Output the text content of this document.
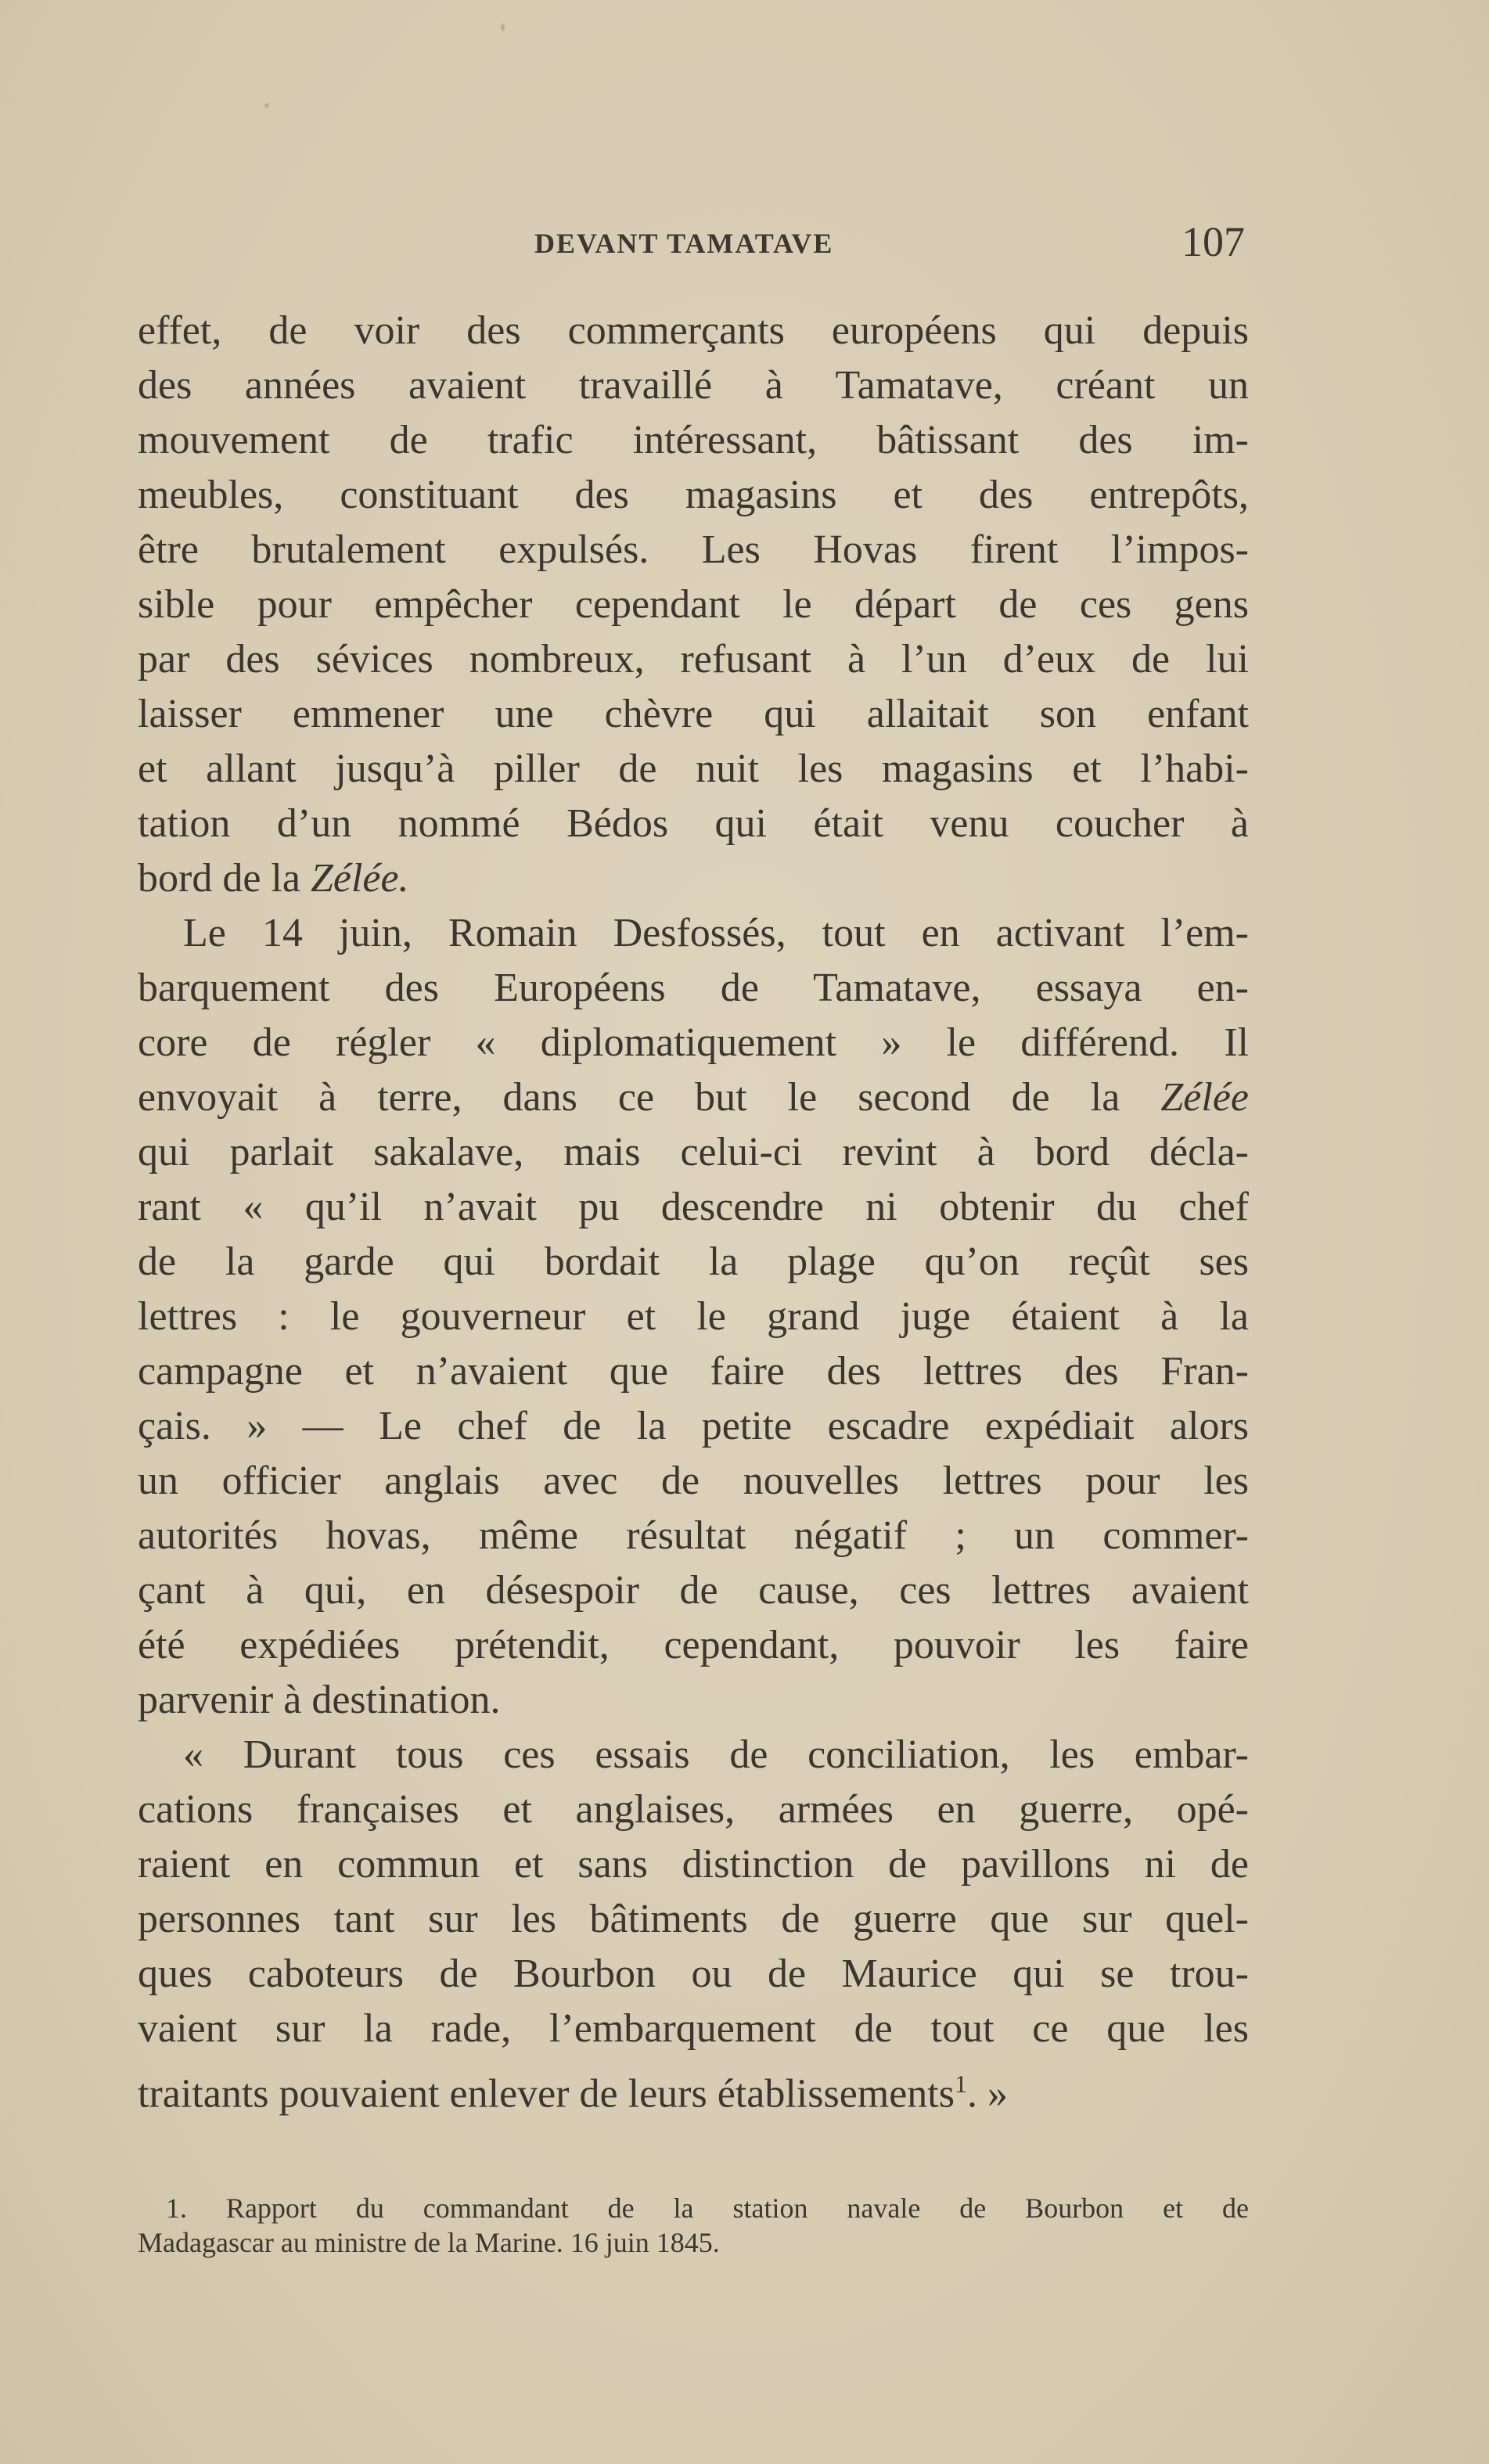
DEVANT TAMATAVE	107
effet, de voir des commerçants européens qui depuis
des années avaient travaillé à Tamatave, créant un
mouvement de trafic intéressant, bâtissant des im-
meubles, constituant des magasins et des entrepôts,
être brutalement expulsés. Les Hovas firent l’impos-
sible pour empêcher cependant le départ de ces gens
par des sévices nombreux, refusant à l’un d’eux de lui
laisser emmener une chèvre qui allaitait son enfant
et allant jusqu’à piller de nuit les magasins et l’habi-
tation d’un nommé Bédos qui était venu coucher à
bord de la Zélée.
Le 14 juin, Romain Desfossés, tout en activant l’em-
barquement des Européens de Tamatave, essaya en-
core de régler « diplomatiquement » le différend. Il
envoyait à terre, dans ce but le second de la Zélée
qui parlait sakalave, mais celui-ci revint à bord décla-
rant « qu’il n’avait pu descendre ni obtenir du chef
de la garde qui bordait la plage qu’on reçût ses
lettres : le gouverneur et le grand juge étaient à la
campagne et n’avaient que faire des lettres des Fran-
çais. » — Le chef de la petite escadre expédiait alors
un officier anglais avec de nouvelles lettres pour les
autorités hovas, même résultat négatif ; un commer-
çant à qui, en désespoir de cause, ces lettres avaient
été expédiées prétendit, cependant, pouvoir les faire
parvenir à destination.
« Durant tous ces essais de conciliation, les embar-
cations françaises et anglaises, armées en guerre, opé-
raient en commun et sans distinction de pavillons ni de
personnes tant sur les bâtiments de guerre que sur quel-
ques caboteurs de Bourbon ou de Maurice qui se trou-
vaient sur la rade, l’embarquement de tout ce que les
traitants pouvaient enlever de leurs établissements$^1$. »
1. Rapport du commandant de la station navale de Bourbon et de
Madagascar au ministre de la Marine. 16 juin 1845.
